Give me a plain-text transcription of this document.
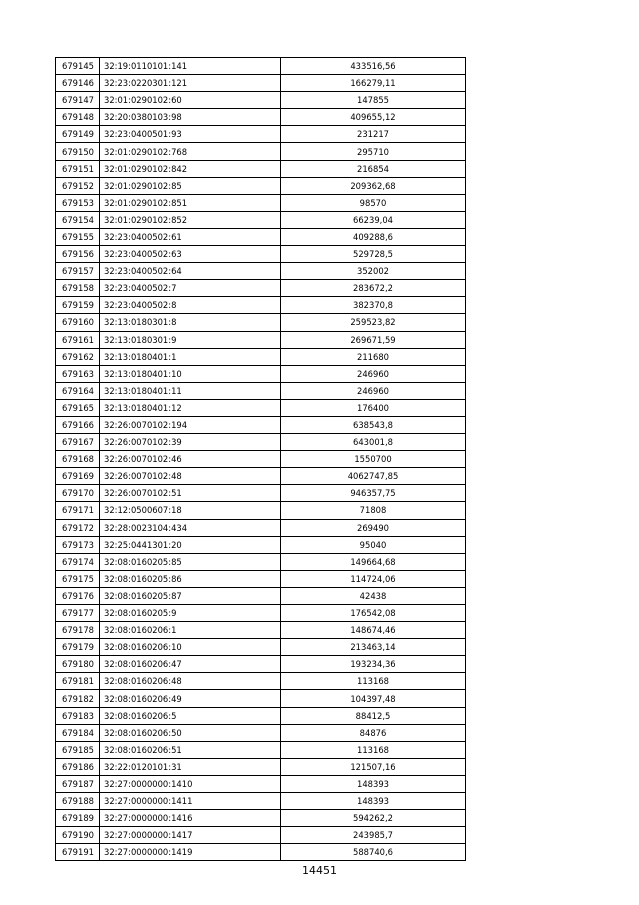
679145	32:19:0110101:141	433516,56
679146	32:23:0220301:121	166279,11
679147	32:01:0290102:60	147855
679148	32:20:0380103:98	409655,12
679149	32:23:0400501:93	231217
679150	32:01:0290102:768	295710
679151	32:01:0290102:842	216854
679152	32:01:0290102:85	209362,68
679153	32:01:0290102:851	98570
679154	32:01:0290102:852	66239,04
679155	32:23:0400502:61	409288,6
679156	32:23:0400502:63	529728,5
679157	32:23:0400502:64	352002
679158	32:23:0400502:7	283672,2
679159	32:23:0400502:8	382370,8
679160	32:13:0180301:8	259523,82
679161	32:13:0180301:9	269671,59
679162	32:13:0180401:1	211680
679163	32:13:0180401:10	246960
679164	32:13:0180401:11	246960
679165	32:13:0180401:12	176400
679166	32:26:0070102:194	638543,8
679167	32:26:0070102:39	643001,8
679168	32:26:0070102:46	1550700
679169	32:26:0070102:48	4062747,85
679170	32:26:0070102:51	946357,75
679171	32:12:0500607:18	71808
679172	32:28:0023104:434	269490
679173	32:25:0441301:20	95040
679174	32:08:0160205:85	149664,68
679175	32:08:0160205:86	114724,06
679176	32:08:0160205:87	42438
679177	32:08:0160205:9	176542,08
679178	32:08:0160206:1	148674,46
679179	32:08:0160206:10	213463,14
679180	32:08:0160206:47	193234,36
679181	32:08:0160206:48	113168
679182	32:08:0160206:49	104397,48
679183	32:08:0160206:5	88412,5
679184	32:08:0160206:50	84876
679185	32:08:0160206:51	113168
679186	32:22:0120101:31	121507,16
679187	32:27:0000000:1410	148393
679188	32:27:0000000:1411	148393
679189	32:27:0000000:1416	594262,2
679190	32:27:0000000:1417	243985,7
679191	32:27:0000000:1419	588740,6
14451
